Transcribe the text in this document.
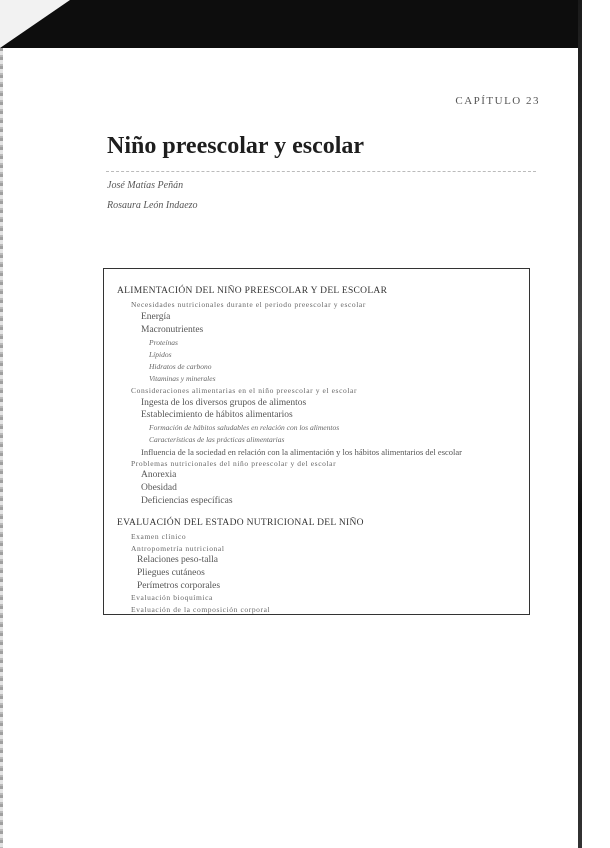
CAPÍTULO 23
Niño preescolar y escolar
José Matías Peñán
Rosaura León Indaezo
ALIMENTACIÓN DEL NIÑO PREESCOLAR Y DEL ESCOLAR
Necesidades nutricionales durante el periodo preescolar y escolar
Energía
Macronutrientes
Proteínas
Lípidos
Hidratos de carbono
Vitaminas y minerales
Consideraciones alimentarias en el niño preescolar y el escolar
Ingesta de los diversos grupos de alimentos
Establecimiento de hábitos alimentarios
Formación de hábitos saludables en relación con los alimentos
Características de las prácticas alimentarias
Influencia de la sociedad en relación con la alimentación y los hábitos alimentarios del escolar
Problemas nutricionales del niño preescolar y del escolar
Anorexia
Obesidad
Deficiencias específicas
EVALUACIÓN DEL ESTADO NUTRICIONAL DEL NIÑO
Examen clínico
Antropometría nutricional
Relaciones peso-talla
Pliegues cutáneos
Perímetros corporales
Evaluación bioquímica
Evaluación de la composición corporal
